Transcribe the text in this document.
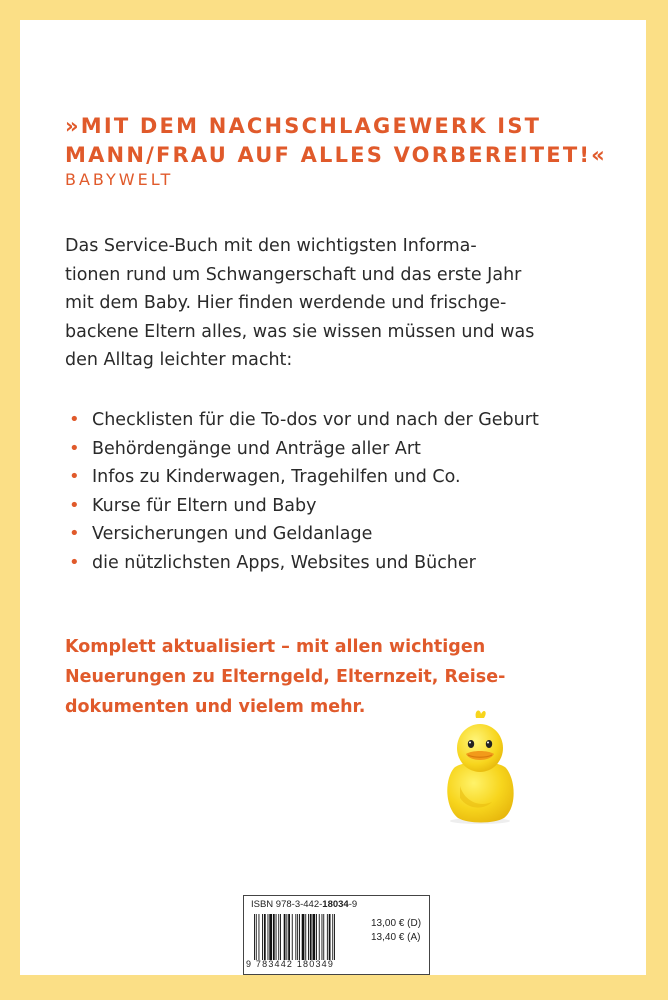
»MIT DEM NACHSCHLAGEWERK IST
MANN/FRAU AUF ALLES VORBEREITET!«
BABYWELT
Das Service-Buch mit den wichtigsten Informa-
tionen rund um Schwangerschaft und das erste Jahr
mit dem Baby. Hier finden werdende und frischge-
backene Eltern alles, was sie wissen müssen und was
den Alltag leichter macht:
• Checklisten für die To-dos vor und nach der Geburt
• Behördengänge und Anträge aller Art
• Infos zu Kinderwagen, Tragehilfen und Co.
• Kurse für Eltern und Baby
• Versicherungen und Geldanlage
• die nützlichsten Apps, Websites und Bücher
Komplett aktualisiert – mit allen wichtigen
Neuerungen zu Elterngeld, Elternzeit, Reise-
dokumenten und vielem mehr.
ISBN 978-3-442-18034-9
9 783442 180349
13,00 € (D)
13,40 € (A)
